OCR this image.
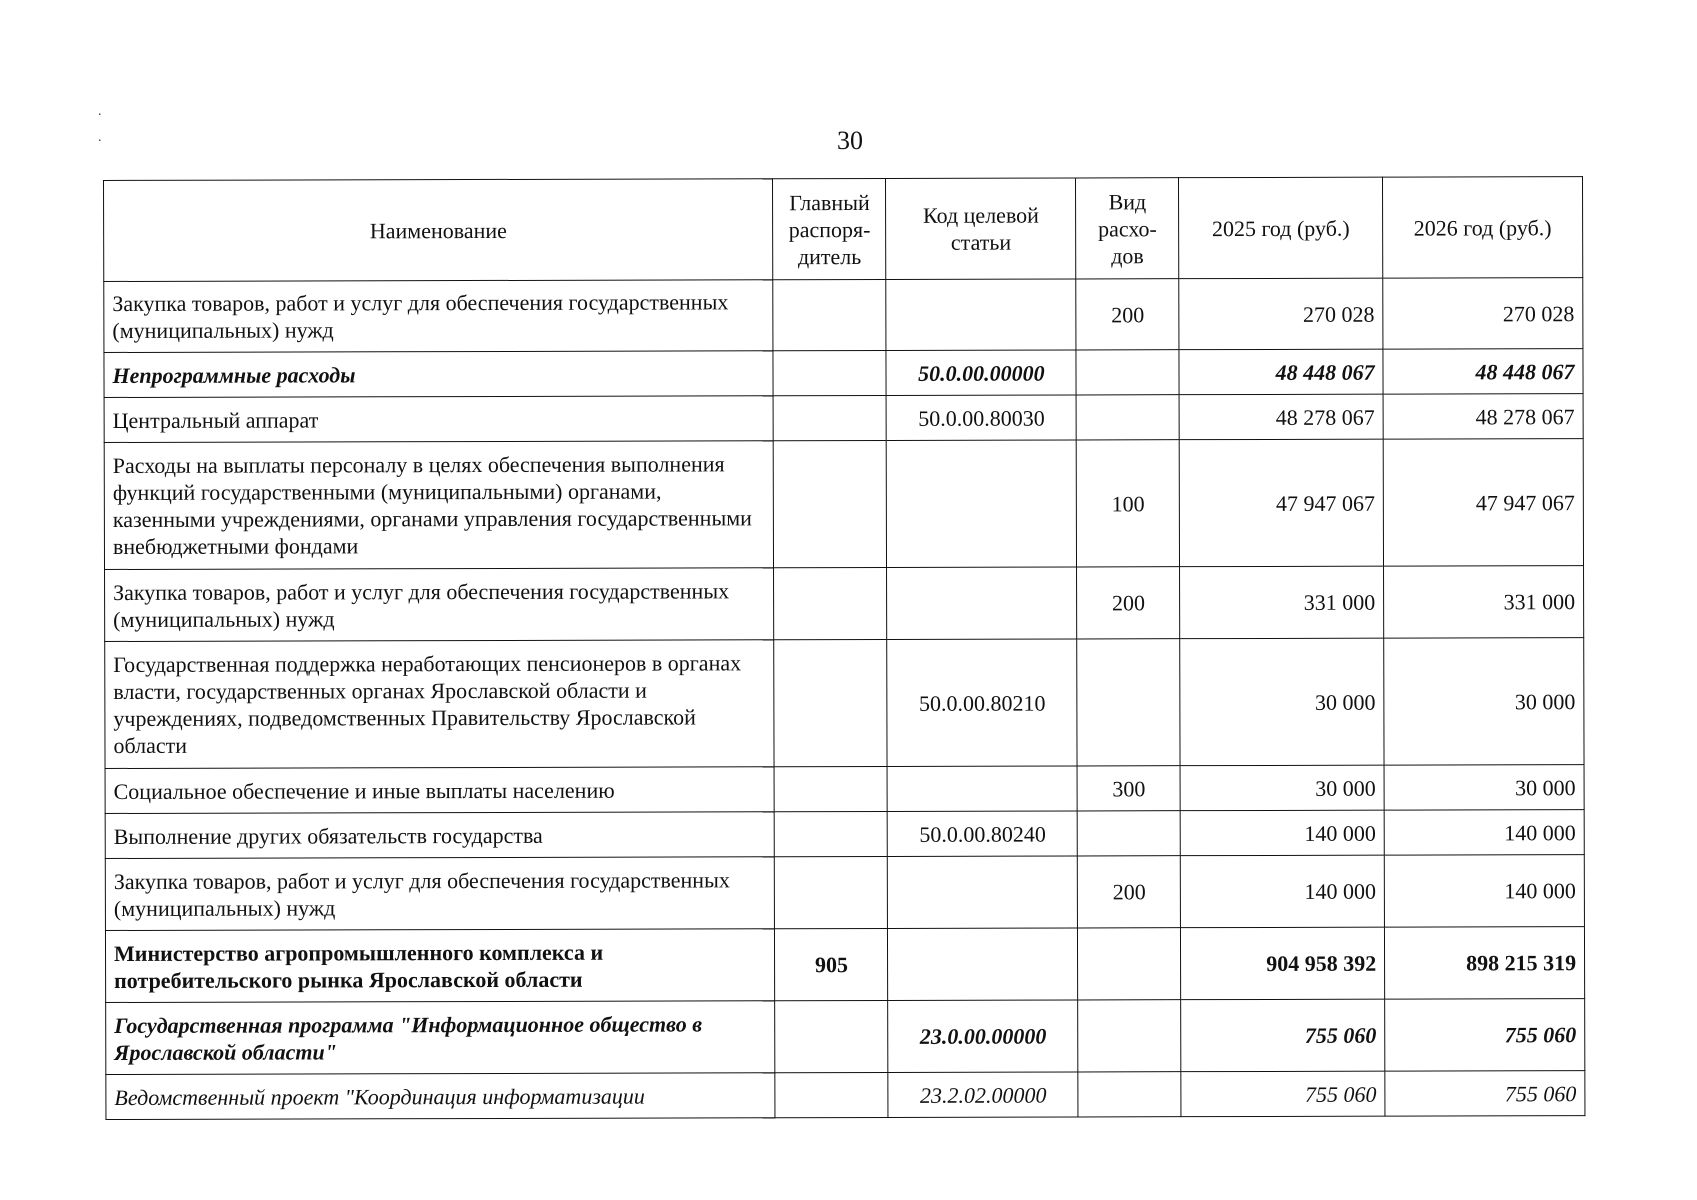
.
.	30
Наименование	Главный распоря-дитель	Код целевой статьи	Вид расхо-дов	2025 год (руб.)	2026 год (руб.)
Закупка товаров, работ и услуг для обеспечения государственных (муниципальных) нужд			200	270 028	270 028
Непрограммные расходы		50.0.00.00000		48 448 067	48 448 067
Центральный аппарат		50.0.00.80030		48 278 067	48 278 067
Расходы на выплаты персоналу в целях обеспечения выполнения функций государственными (муниципальными) органами, казенными учреждениями, органами управления государственными внебюджетными фондами			100	47 947 067	47 947 067
Закупка товаров, работ и услуг для обеспечения государственных (муниципальных) нужд			200	331 000	331 000
Государственная поддержка неработающих пенсионеров в органах власти, государственных органах Ярославской области и учреждениях, подведомственных Правительству Ярославской области		50.0.00.80210		30 000	30 000
Социальное обеспечение и иные выплаты населению			300	30 000	30 000
Выполнение других обязательств государства		50.0.00.80240		140 000	140 000
Закупка товаров, работ и услуг для обеспечения государственных (муниципальных) нужд			200	140 000	140 000
Министерство агропромышленного комплекса и потребительского рынка Ярославской области	905			904 958 392	898 215 319
Государственная программа "Информационное общество в Ярославской области"		23.0.00.00000		755 060	755 060
Ведомственный проект "Координация информатизации		23.2.02.00000		755 060	755 060
